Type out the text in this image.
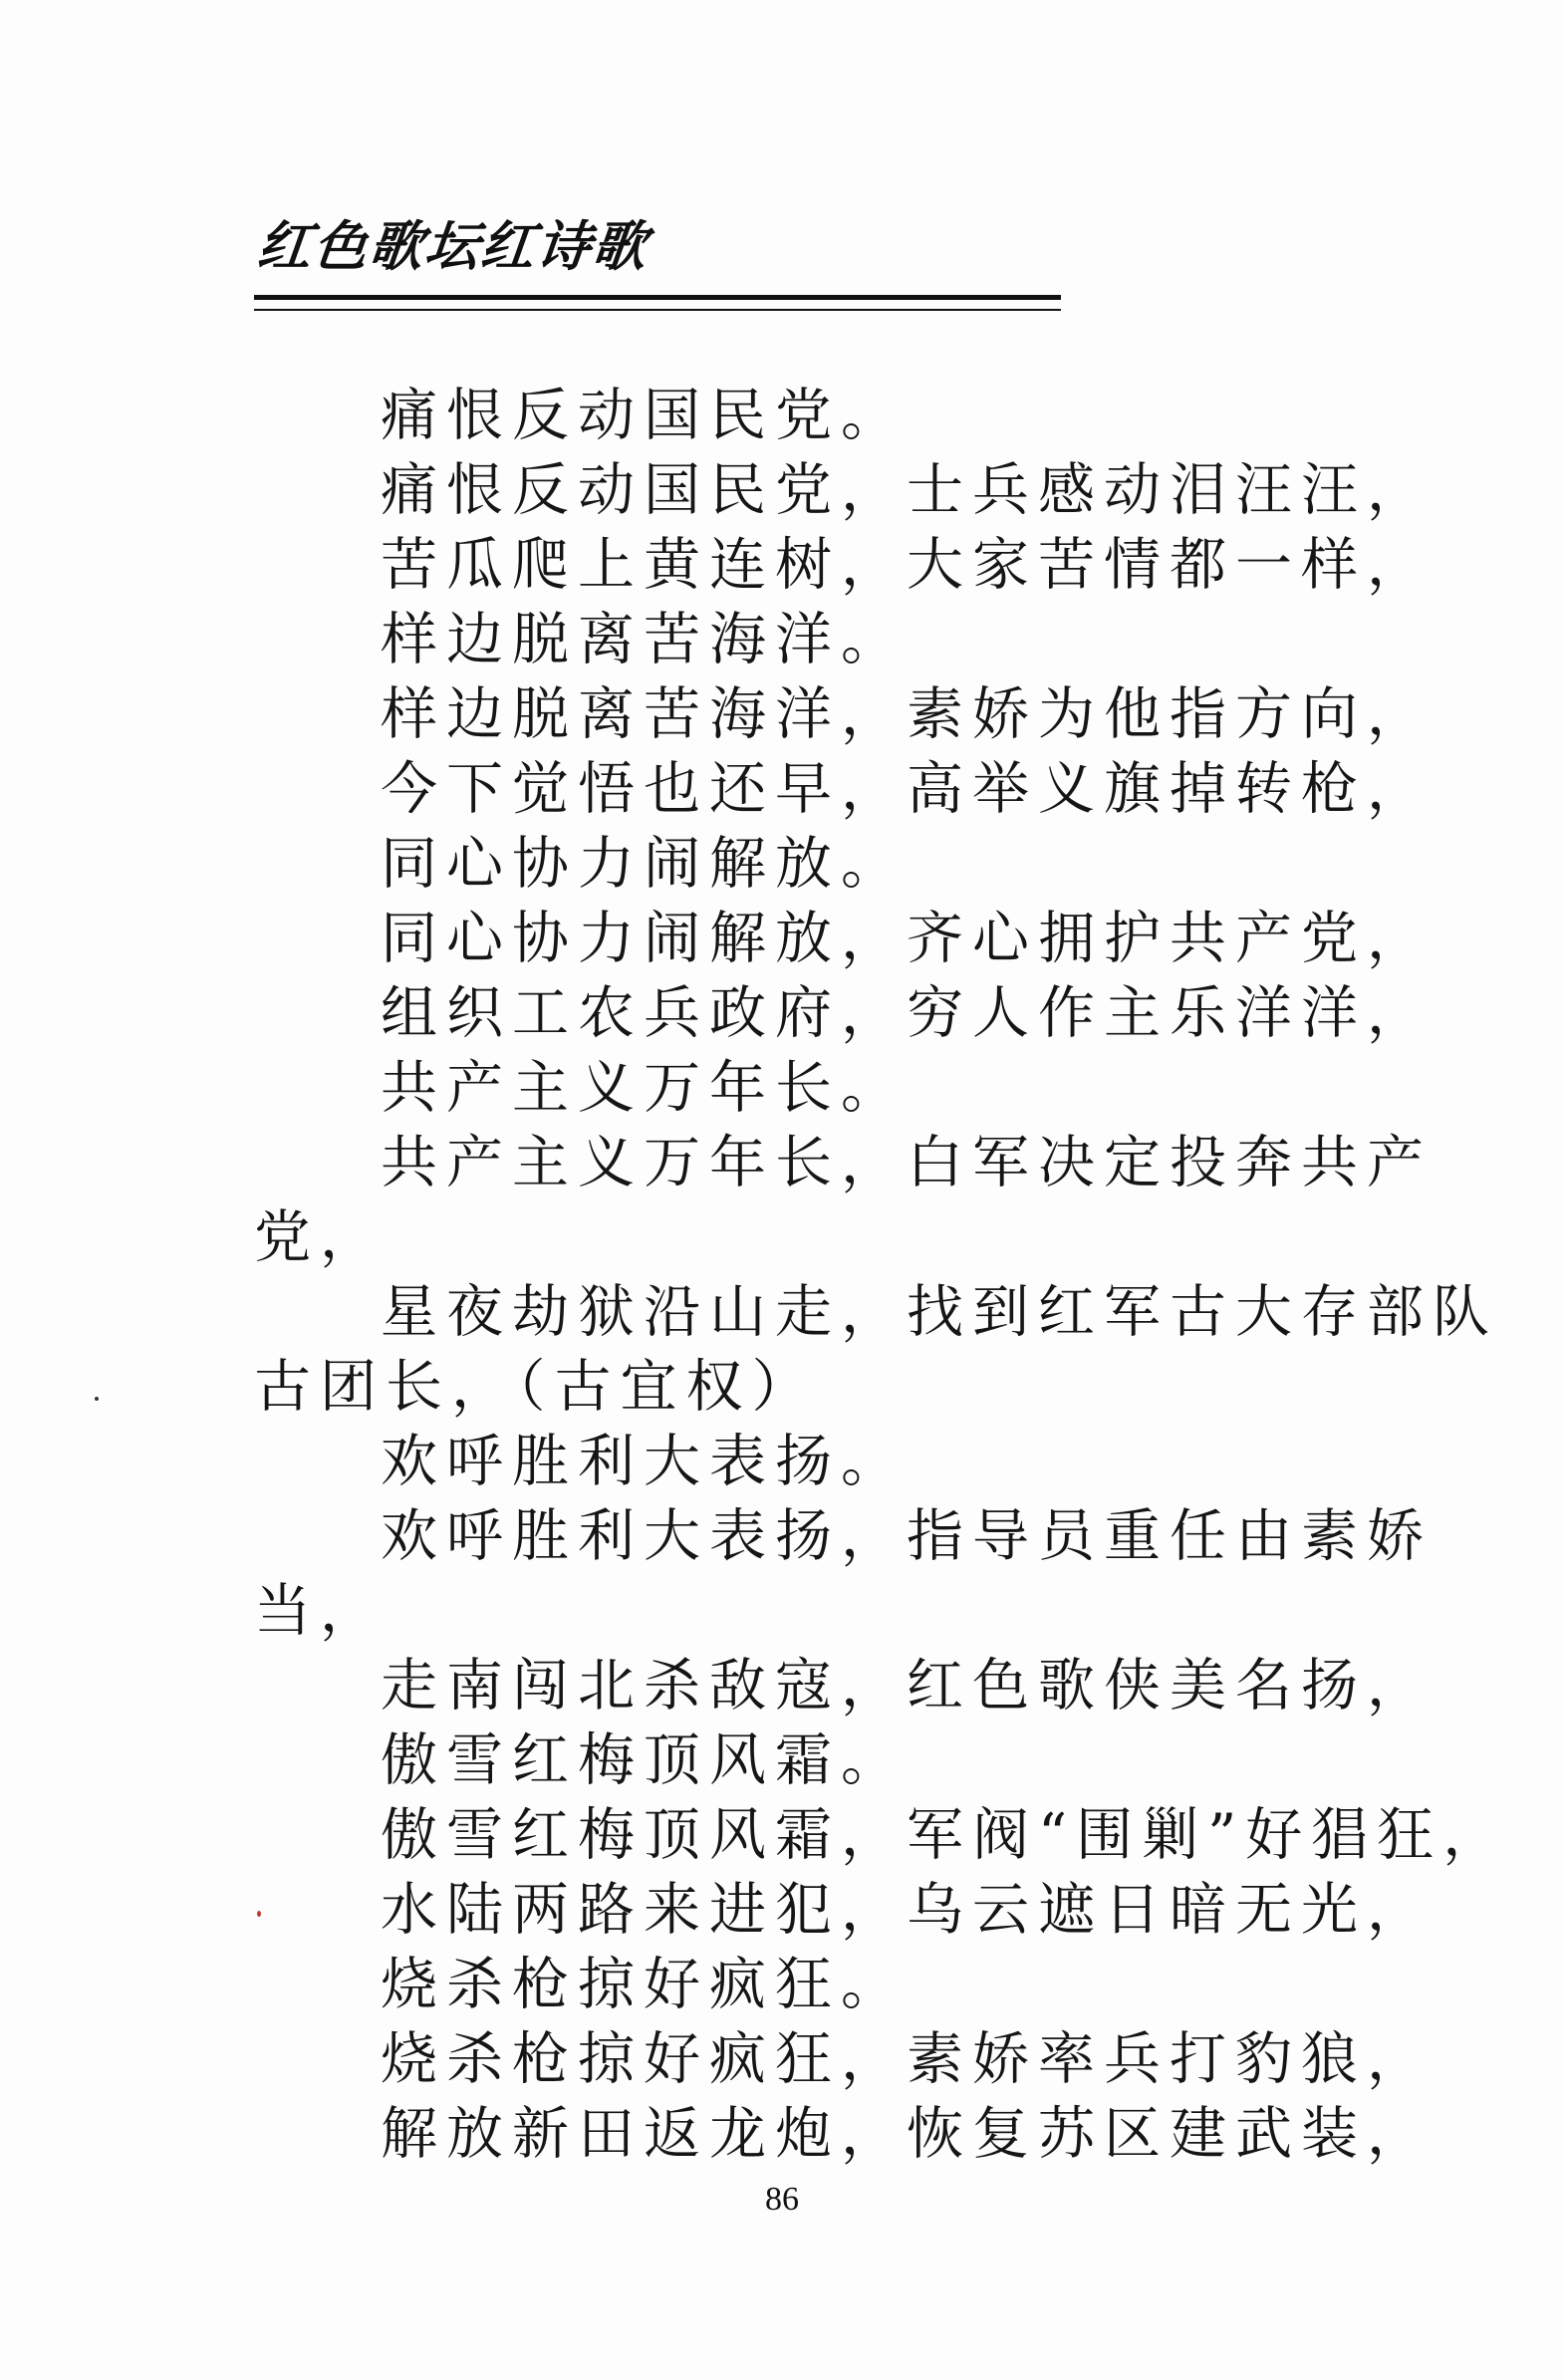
红色歌坛红诗歌
痛恨反动国民党。
痛恨反动国民党，士兵感动泪汪汪，
苦瓜爬上黄连树，大家苦情都一样，
样边脱离苦海洋。
样边脱离苦海洋，素娇为他指方向，
今下觉悟也还早，高举义旗掉转枪，
同心协力闹解放。
同心协力闹解放，齐心拥护共产党，
组织工农兵政府，穷人作主乐洋洋，
共产主义万年长。
共产主义万年长，白军决定投奔共产
党，
星夜劫狱沿山走，找到红军古大存部队
古团长，（古宜权）
欢呼胜利大表扬。
欢呼胜利大表扬，指导员重任由素娇
当，
走南闯北杀敌寇，红色歌侠美名扬，
傲雪红梅顶风霜。
傲雪红梅顶风霜，军阀“围剿”好猖狂，
水陆两路来进犯，乌云遮日暗无光，
烧杀枪掠好疯狂。
烧杀枪掠好疯狂，素娇率兵打豹狼，
解放新田返龙炮，恢复苏区建武装，
86
